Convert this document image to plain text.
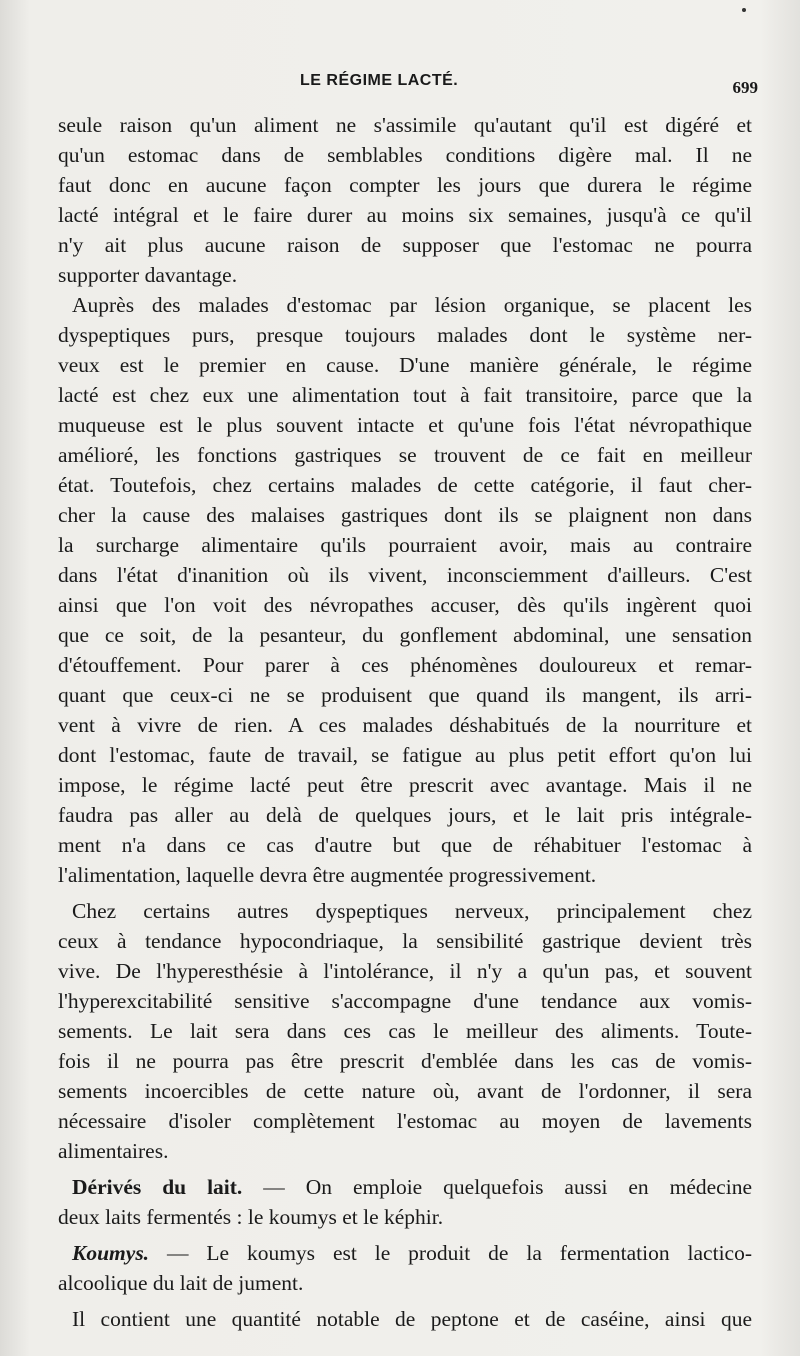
LE RÉGIME LACTÉ.	699
seule raison qu'un aliment ne s'assimile qu'autant qu'il est digéré et
qu'un estomac dans de semblables conditions digère mal. Il ne
faut donc en aucune façon compter les jours que durera le régime
lacté intégral et le faire durer au moins six semaines, jusqu'à ce qu'il
n'y ait plus aucune raison de supposer que l'estomac ne pourra
supporter davantage.
Auprès des malades d'estomac par lésion organique, se placent les
dyspeptiques purs, presque toujours malades dont le système ner-
veux est le premier en cause. D'une manière générale, le régime
lacté est chez eux une alimentation tout à fait transitoire, parce que la
muqueuse est le plus souvent intacte et qu'une fois l'état névropathique
amélioré, les fonctions gastriques se trouvent de ce fait en meilleur
état. Toutefois, chez certains malades de cette catégorie, il faut cher-
cher la cause des malaises gastriques dont ils se plaignent non dans
la surcharge alimentaire qu'ils pourraient avoir, mais au contraire
dans l'état d'inanition où ils vivent, inconsciemment d'ailleurs. C'est
ainsi que l'on voit des névropathes accuser, dès qu'ils ingèrent quoi
que ce soit, de la pesanteur, du gonflement abdominal, une sensation
d'étouffement. Pour parer à ces phénomènes douloureux et remar-
quant que ceux-ci ne se produisent que quand ils mangent, ils arri-
vent à vivre de rien. A ces malades déshabitués de la nourriture et
dont l'estomac, faute de travail, se fatigue au plus petit effort qu'on lui
impose, le régime lacté peut être prescrit avec avantage. Mais il ne
faudra pas aller au delà de quelques jours, et le lait pris intégrale-
ment n'a dans ce cas d'autre but que de réhabituer l'estomac à
l'alimentation, laquelle devra être augmentée progressivement.
Chez certains autres dyspeptiques nerveux, principalement chez
ceux à tendance hypocondriaque, la sensibilité gastrique devient très
vive. De l'hyperesthésie à l'intolérance, il n'y a qu'un pas, et souvent
l'hyperexcitabilité sensitive s'accompagne d'une tendance aux vomis-
sements. Le lait sera dans ces cas le meilleur des aliments. Toute-
fois il ne pourra pas être prescrit d'emblée dans les cas de vomis-
sements incoercibles de cette nature où, avant de l'ordonner, il sera
nécessaire d'isoler complètement l'estomac au moyen de lavements
alimentaires.
Dérivés du lait. — On emploie quelquefois aussi en médecine
deux laits fermentés : le koumys et le képhir.
Koumys. — Le koumys est le produit de la fermentation lactico-
alcoolique du lait de jument.
Il contient une quantité notable de peptone et de caséine, ainsi que
